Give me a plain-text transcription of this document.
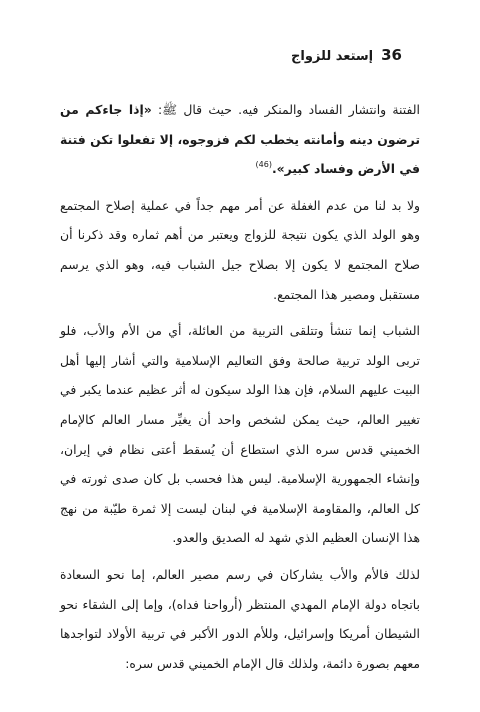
36
إستعد للزواج

الفتنة وانتشار الفساد والمنكر فيه. حيث قال ﷺ: «إذا جاءكم من ترضون دينه وأمانته يخطب لكم فزوجوه، إلا تفعلوا تكن فتنة في الأرض وفساد كبير».$^{(46)}$

ولا بد لنا من عدم الغفلة عن أمر مهم جداً في عملية إصلاح المجتمع وهو الولد الذي يكون نتيجة للزواج ويعتبر من أهم ثماره وقد ذكرنا أن صلاح المجتمع لا يكون إلا بصلاح جيل الشباب فيه، وهو الذي يرسم مستقبل ومصير هذا المجتمع.

الشباب إنما تنشأ وتتلقى التربية من العائلة، أي من الأم والأب، فلو تربى الولد تربية صالحة وفق التعاليم الإسلامية والتي أشار إليها أهل البيت عليهم السلام، فإن هذا الولد سيكون له أثر عظيم عندما يكبر في تغيير العالم، حيث يمكن لشخص واحد أن يغيِّر مسار العالم كالإمام الخميني قدس سره الذي استطاع أن يُسقط أعتى نظام في إيران، وإنشاء الجمهورية الإسلامية. ليس هذا فحسب بل كان صدى ثورته في كل العالم، والمقاومة الإسلامية في لبنان ليست إلا ثمرة طيّبة من نهج هذا الإنسان العظيم الذي شهد له الصديق والعدو.

لذلك فالأم والأب يشاركان في رسم مصير العالم، إما نحو السعادة باتجاه دولة الإمام المهدي المنتظر (أرواحنا فداه)، وإما إلى الشقاء نحو الشيطان أمريكا وإسرائيل، وللأم الدور الأكبر في تربية الأولاد لتواجدها معهم بصورة دائمة، ولذلك قال الإمام الخميني قدس سره:
